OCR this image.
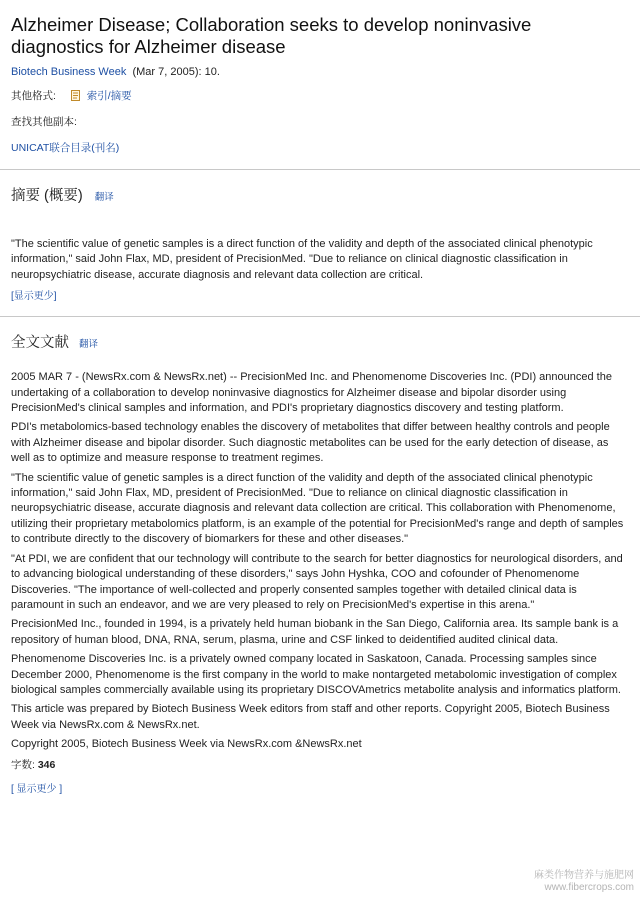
Alzheimer Disease; Collaboration seeks to develop noninvasive diagnostics for Alzheimer disease
Biotech Business Week (Mar 7, 2005): 10.
其他格式:	索引/摘要
查找其他副本:
UNICAT联合目录(刊名)
摘要 (概要) 翻译

"The scientific value of genetic samples is a direct function of the validity and depth of the associated clinical phenotypic information," said John Flax, MD, president of PrecisionMed. "Due to reliance on clinical diagnostic classification in neuropsychiatric disease, accurate diagnosis and relevant data collection are critical.

[显示更少]
全文文献 翻译

2005 MAR 7 - (NewsRx.com & NewsRx.net) -- PrecisionMed Inc. and Phenomenome Discoveries Inc. (PDI) announced the undertaking of a collaboration to develop noninvasive diagnostics for Alzheimer disease and bipolar disorder using PrecisionMed's clinical samples and information, and PDI's proprietary diagnostics discovery and testing platform.

PDI's metabolomics-based technology enables the discovery of metabolites that differ between healthy controls and people with Alzheimer disease and bipolar disorder. Such diagnostic metabolites can be used for the early detection of disease, as well as to optimize and measure response to treatment regimes.

"The scientific value of genetic samples is a direct function of the validity and depth of the associated clinical phenotypic information," said John Flax, MD, president of PrecisionMed. "Due to reliance on clinical diagnostic classification in neuropsychiatric disease, accurate diagnosis and relevant data collection are critical. This collaboration with Phenomenome, utilizing their proprietary metabolomics platform, is an example of the potential for PrecisionMed's range and depth of samples to contribute directly to the discovery of biomarkers for these and other diseases."

"At PDI, we are confident that our technology will contribute to the search for better diagnostics for neurological disorders, and to advancing biological understanding of these disorders," says John Hyshka, COO and cofounder of Phenomenome Discoveries. "The importance of well-collected and properly consented samples together with detailed clinical data is paramount in such an endeavor, and we are very pleased to rely on PrecisionMed's expertise in this arena."

PrecisionMed Inc., founded in 1994, is a privately held human biobank in the San Diego, California area. Its sample bank is a repository of human blood, DNA, RNA, serum, plasma, urine and CSF linked to deidentified audited clinical data.

Phenomenome Discoveries Inc. is a privately owned company located in Saskatoon, Canada. Processing samples since December 2000, Phenomenome is the first company in the world to make nontargeted metabolomic investigation of complex biological samples commercially available using its proprietary DISCOVAmetrics metabolite analysis and informatics platform.

This article was prepared by Biotech Business Week editors from staff and other reports. Copyright 2005, Biotech Business Week via NewsRx.com & NewsRx.net.

Copyright 2005, Biotech Business Week via NewsRx.com &NewsRx.net

字数: 346
[ 显示更少 ]
麻类作物营养与施肥网
www.fibercrops.com
